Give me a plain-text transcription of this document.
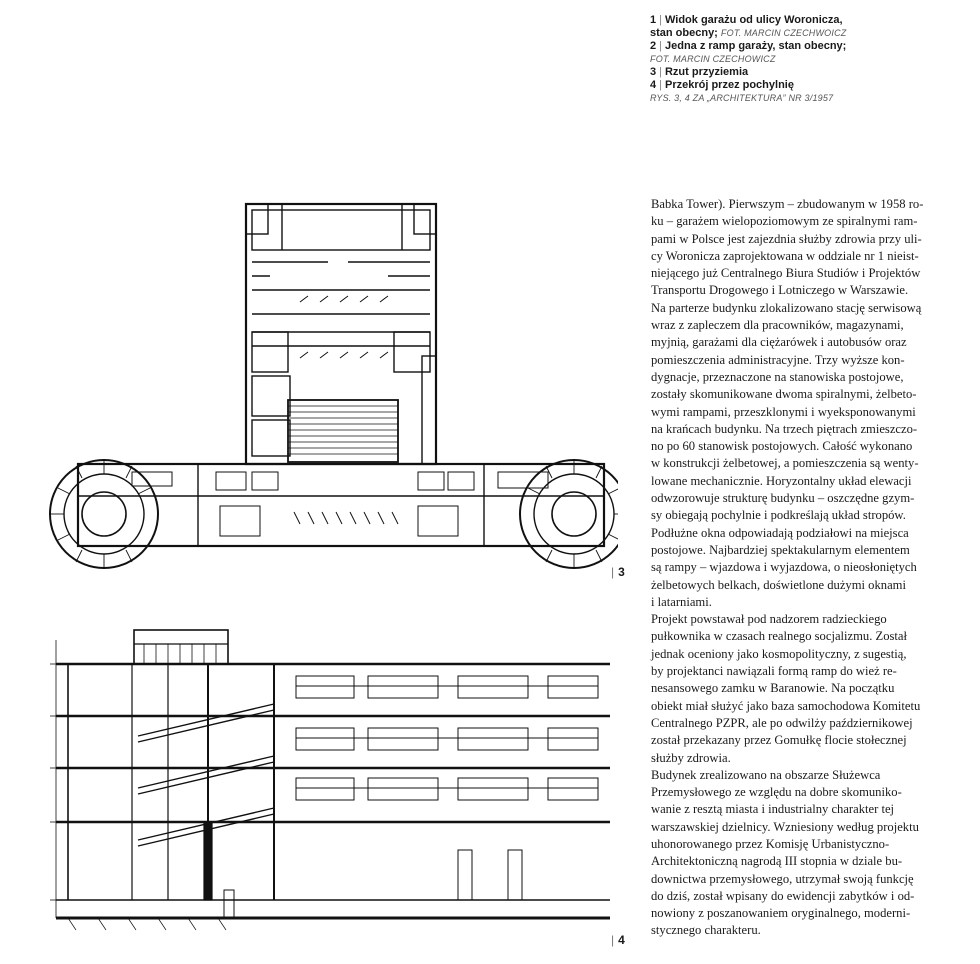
1 | Widok garażu od ulicy Woronicza,
stan obecny; FOT. MARCIN CZECHWOICZ
2 | Jedna z ramp garaży, stan obecny;
FOT. MARCIN CZECHOWICZ
3 | Rzut przyziemia
4 | Przekrój przez pochylnię
RYS. 3, 4 ZA „ARCHITEKTURA” NR 3/1957
| 3
| 4
Babka Tower). Pierwszym – zbudowanym w 1958 ro-
ku – garażem wielopoziomowym ze spiralnymi ram-
pami w Polsce jest zajezdnia służby zdrowia przy uli-
cy Woronicza zaprojektowana w oddziale nr 1 nieist-
niejącego już Centralnego Biura Studiów i Projektów
Transportu Drogowego i Lotniczego w Warszawie.
Na parterze budynku zlokalizowano stację serwisową
wraz z zapleczem dla pracowników, magazynami,
myjnią, garażami dla ciężarówek i autobusów oraz
pomieszczenia administracyjne. Trzy wyższe kon-
dygnacje, przeznaczone na stanowiska postojowe,
zostały skomunikowane dwoma spiralnymi, żelbeto-
wymi rampami, przeszklonymi i wyeksponowanymi
na krańcach budynku. Na trzech piętrach zmieszczo-
no po 60 stanowisk postojowych. Całość wykonano
w konstrukcji żelbetowej, a pomieszczenia są wenty-
lowane mechanicznie. Horyzontalny układ elewacji
odwzorowuje strukturę budynku – oszczędne gzym-
sy obiegają pochylnie i podkreślają układ stropów.
Podłużne okna odpowiadają podziałowi na miejsca
postojowe. Najbardziej spektakularnym elementem
są rampy – wjazdowa i wyjazdowa, o nieosłoniętych
żelbetowych belkach, doświetlone dużymi oknami
i latarniami.
Projekt powstawał pod nadzorem radzieckiego
pułkownika w czasach realnego socjalizmu. Został
jednak oceniony jako kosmopolityczny, z sugestią,
by projektanci nawiązali formą ramp do wież re-
nesansowego zamku w Baranowie. Na początku
obiekt miał służyć jako baza samochodowa Komitetu
Centralnego PZPR, ale po odwilży październikowej
został przekazany przez Gomułkę flocie stołecznej
służby zdrowia.
Budynek zrealizowano na obszarze Służewca
Przemysłowego ze względu na dobre skomuniko-
wanie z resztą miasta i industrialny charakter tej
warszawskiej dzielnicy. Wzniesiony według projektu
uhonorowanego przez Komisję Urbanistyczno-
Architektoniczną nagrodą III stopnia w dziale bu-
downictwa przemysłowego, utrzymał swoją funkcję
do dziś, został wpisany do ewidencji zabytków i od-
nowiony z poszanowaniem oryginalnego, moderni-
stycznego charakteru.
